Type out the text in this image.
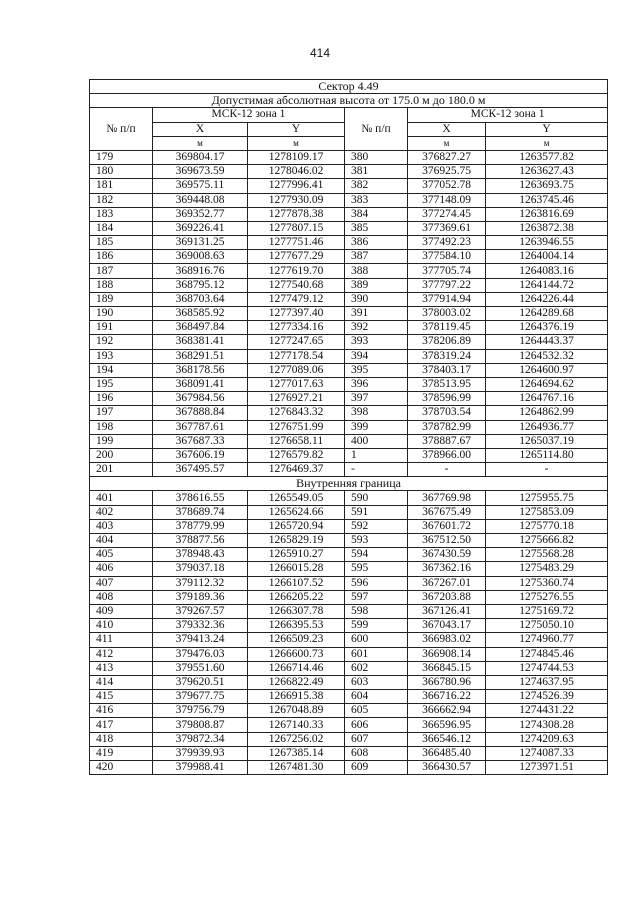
414
Сектор 4.49					
Допустимая абсолютная высота от 175.0 м до 180.0 м					
№ п/п	МСК-12 зона 1		№ п/п	МСК-12 зона 1	
	X	Y		X	Y
	м	м		м	м
179	369804.17	1278109.17	380	376827.27	1263577.82
180	369673.59	1278046.02	381	376925.75	1263627.43
181	369575.11	1277996.41	382	377052.78	1263693.75
182	369448.08	1277930.09	383	377148.09	1263745.46
183	369352.77	1277878.38	384	377274.45	1263816.69
184	369226.41	1277807.15	385	377369.61	1263872.38
185	369131.25	1277751.46	386	377492.23	1263946.55
186	369008.63	1277677.29	387	377584.10	1264004.14
187	368916.76	1277619.70	388	377705.74	1264083.16
188	368795.12	1277540.68	389	377797.22	1264144.72
189	368703.64	1277479.12	390	377914.94	1264226.44
190	368585.92	1277397.40	391	378003.02	1264289.68
191	368497.84	1277334.16	392	378119.45	1264376.19
192	368381.41	1277247.65	393	378206.89	1264443.37
193	368291.51	1277178.54	394	378319.24	1264532.32
194	368178.56	1277089.06	395	378403.17	1264600.97
195	368091.41	1277017.63	396	378513.95	1264694.62
196	367984.56	1276927.21	397	378596.99	1264767.16
197	367888.84	1276843.32	398	378703.54	1264862.99
198	367787.61	1276751.99	399	378782.99	1264936.77
199	367687.33	1276658.11	400	378887.67	1265037.19
200	367606.19	1276579.82	1	378966.00	1265114.80
201	367495.57	1276469.37	-	-	-
Внутренняя граница					
401	378616.55	1265549.05	590	367769.98	1275955.75
402	378689.74	1265624.66	591	367675.49	1275853.09
403	378779.99	1265720.94	592	367601.72	1275770.18
404	378877.56	1265829.19	593	367512.50	1275666.82
405	378948.43	1265910.27	594	367430.59	1275568.28
406	379037.18	1266015.28	595	367362.16	1275483.29
407	379112.32	1266107.52	596	367267.01	1275360.74
408	379189.36	1266205.22	597	367203.88	1275276.55
409	379267.57	1266307.78	598	367126.41	1275169.72
410	379332.36	1266395.53	599	367043.17	1275050.10
411	379413.24	1266509.23	600	366983.02	1274960.77
412	379476.03	1266600.73	601	366908.14	1274845.46
413	379551.60	1266714.46	602	366845.15	1274744.53
414	379620.51	1266822.49	603	366780.96	1274637.95
415	379677.75	1266915.38	604	366716.22	1274526.39
416	379756.79	1267048.89	605	366662.94	1274431.22
417	379808.87	1267140.33	606	366596.95	1274308.28
418	379872.34	1267256.02	607	366546.12	1274209.63
419	379939.93	1267385.14	608	366485.40	1274087.33
420	379988.41	1267481.30	609	366430.57	1273971.51
